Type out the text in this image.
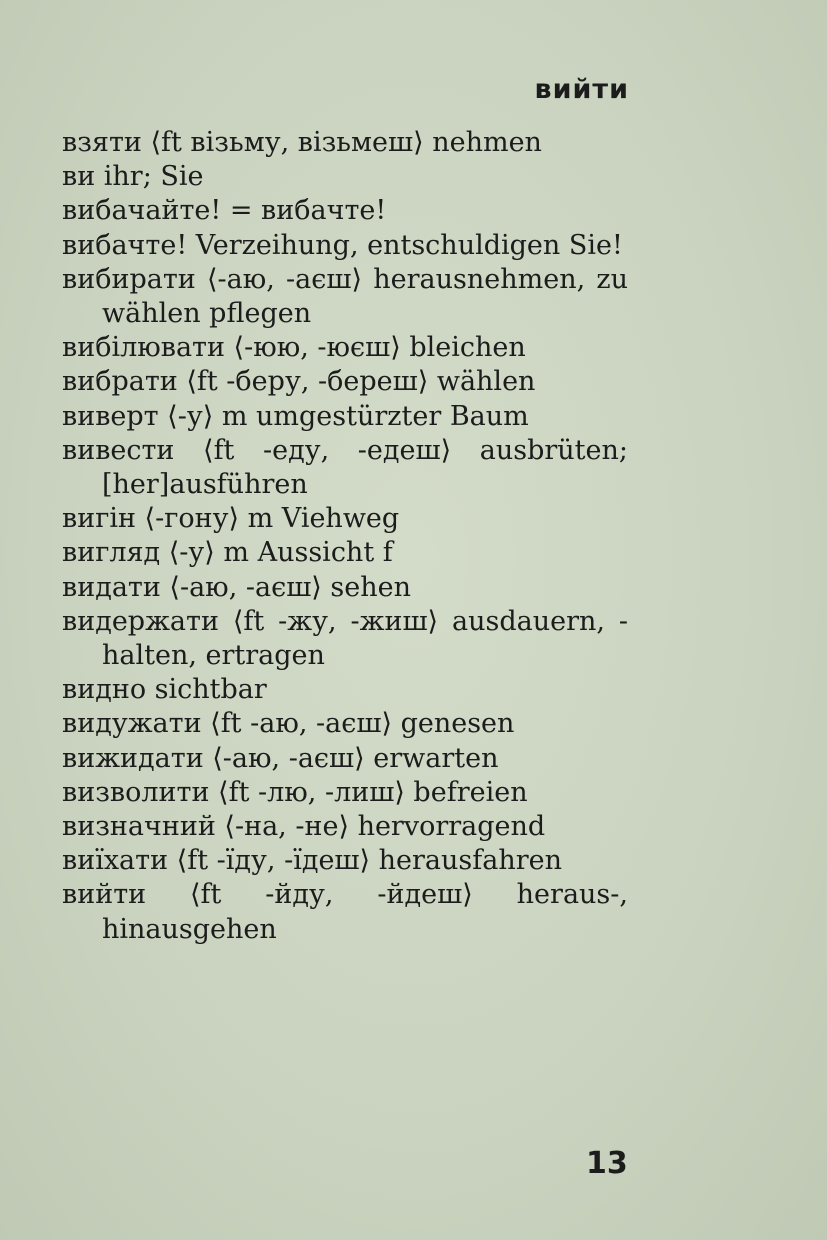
вийти
взяти ⟨ft візьму, візьмеш⟩ nehmen
ви ihr; Sie
вибачайте! = вибачте!
вибачте! Verzeihung, entschuldigen Sie!
вибирати ⟨-аю, -аєш⟩ herausnehmen, zu wählen pflegen
вибілювати ⟨-юю, -юєш⟩ bleichen
вибрати ⟨ft -беру, -береш⟩ wählen
виверт ⟨-у⟩ m umgestürzter Baum
вивести ⟨ft -еду, -едеш⟩ ausbrüten; [her]ausführen
вигін ⟨-гону⟩ m Viehweg
вигляд ⟨-у⟩ m Aussicht f
видати ⟨-аю, -аєш⟩ sehen
видержати ⟨ft -жу, -жиш⟩ ausdauern, -halten, ertragen
видно sichtbar
видужати ⟨ft -аю, -аєш⟩ genesen
вижидати ⟨-аю, -аєш⟩ erwarten
визволити ⟨ft -лю, -лиш⟩ befreien
визначний ⟨-на, -не⟩ hervorragend
виїхати ⟨ft -їду, -їдеш⟩ herausfahren
вийти ⟨ft -йду, -йдеш⟩ heraus-, hinausgehen
13
